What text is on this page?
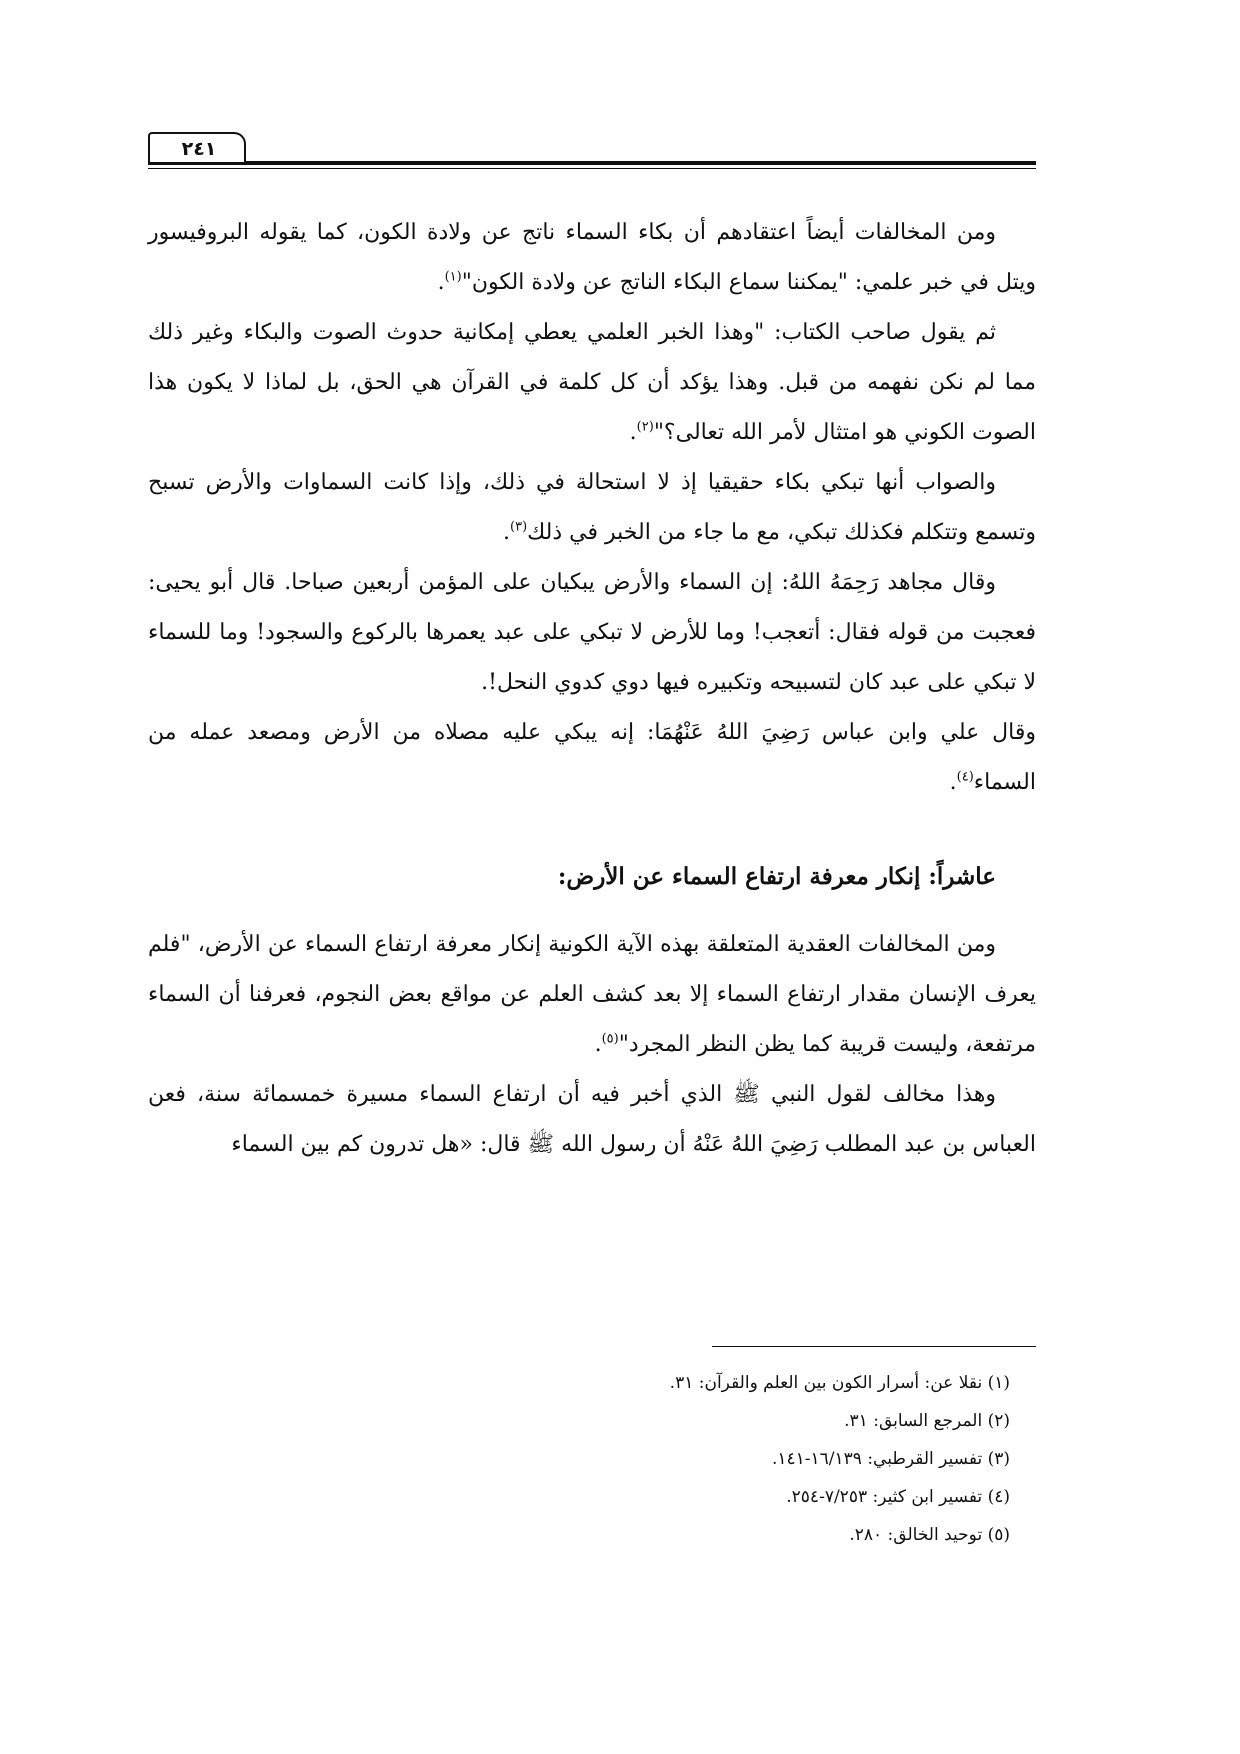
٢٤١

ومن المخالفات أيضاً اعتقادهم أن بكاء السماء ناتج عن ولادة الكون، كما يقوله البروفيسور ويتل في خبر علمي: "يمكننا سماع البكاء الناتج عن ولادة الكون"$^{(١)}$.

ثم يقول صاحب الكتاب: "وهذا الخبر العلمي يعطي إمكانية حدوث الصوت والبكاء وغير ذلك مما لم نكن نفهمه من قبل. وهذا يؤكد أن كل كلمة في القرآن هي الحق، بل لماذا لا يكون هذا الصوت الكوني هو امتثال لأمر الله تعالى؟"$^{(٢)}$.

والصواب أنها تبكي بكاء حقيقيا إذ لا استحالة في ذلك، وإذا كانت السماوات والأرض تسبح وتسمع وتتكلم فكذلك تبكي، مع ما جاء من الخبر في ذلك$^{(٣)}$.

وقال مجاهد رَحِمَهُ اللهُ: إن السماء والأرض يبكيان على المؤمن أربعين صباحا. قال أبو يحيى: فعجبت من قوله فقال: أتعجب! وما للأرض لا تبكي على عبد يعمرها بالركوع والسجود! وما للسماء لا تبكي على عبد كان لتسبيحه وتكبيره فيها دوي كدوي النحل!.

وقال علي وابن عباس رَضِيَ اللهُ عَنْهُمَا: إنه يبكي عليه مصلاه من الأرض ومصعد عمله من السماء$^{(٤)}$.

عاشراً: إنكار معرفة ارتفاع السماء عن الأرض:

ومن المخالفات العقدية المتعلقة بهذه الآية الكونية إنكار معرفة ارتفاع السماء عن الأرض، "فلم يعرف الإنسان مقدار ارتفاع السماء إلا بعد كشف العلم عن مواقع بعض النجوم، فعرفنا أن السماء مرتفعة، وليست قريبة كما يظن النظر المجرد"$^{(٥)}$.

وهذا مخالف لقول النبي ﷺ الذي أخبر فيه أن ارتفاع السماء مسيرة خمسمائة سنة، فعن العباس بن عبد المطلب رَضِيَ اللهُ عَنْهُ أن رسول الله ﷺ قال: «هل تدرون كم بين السماء

(١) نقلا عن: أسرار الكون بين العلم والقرآن: ٣١.
(٢) المرجع السابق: ٣١.
(٣) تفسير القرطبي: ١٦/١٣٩-١٤١.
(٤) تفسير ابن كثير: ٧/٢٥٣-٢٥٤.
(٥) توحيد الخالق: ٢٨٠.
